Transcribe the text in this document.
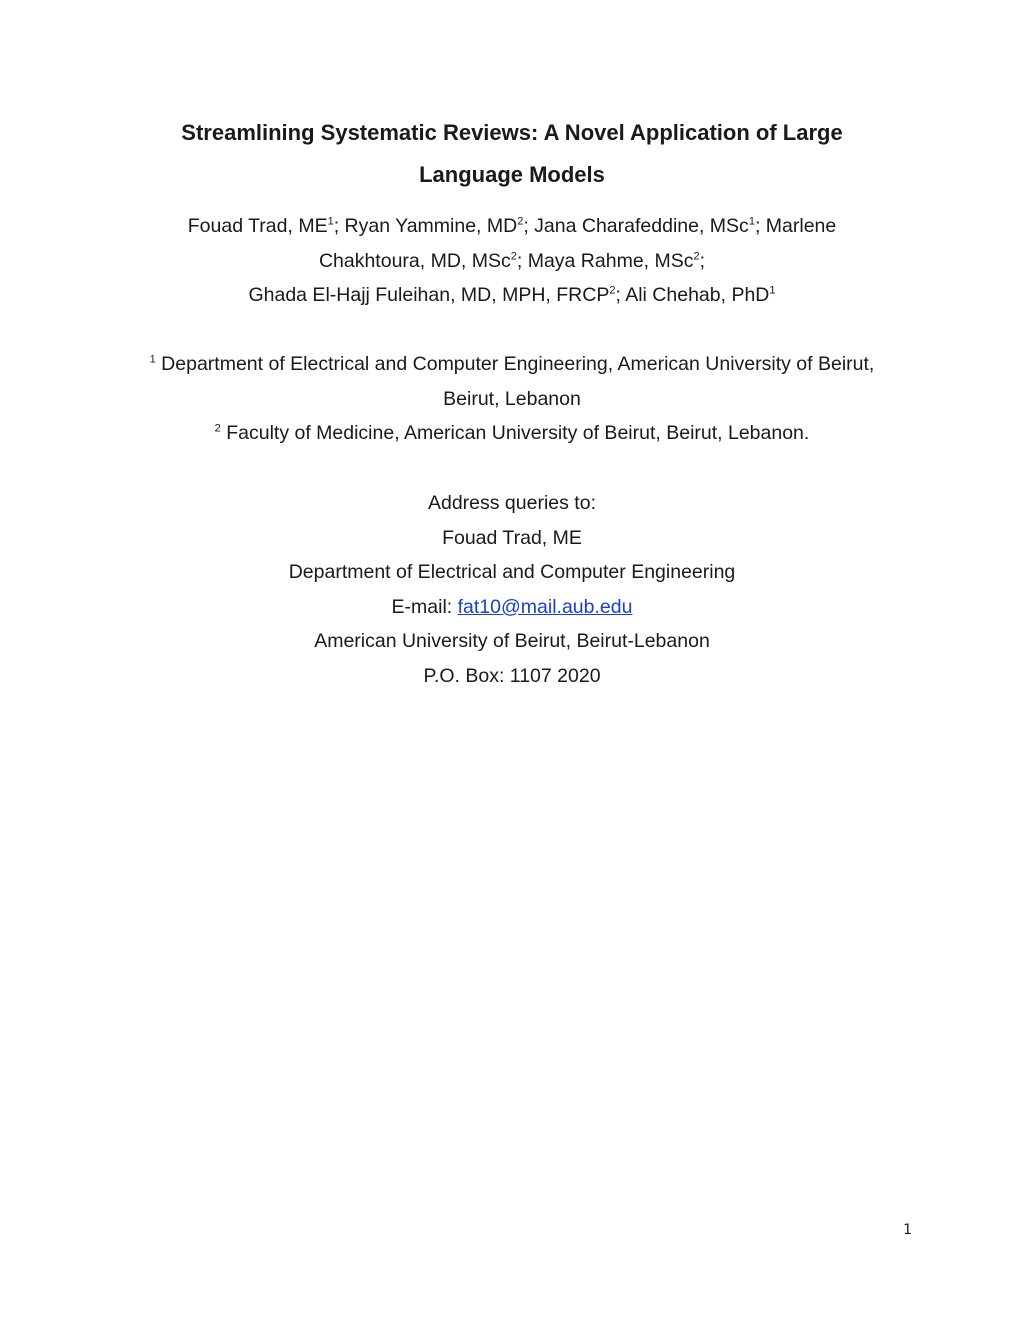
Streamlining Systematic Reviews: A Novel Application of Large
Language Models
Fouad Trad, $ME^1$; Ryan Yammine, $MD^2$; Jana Charafeddine, MSc$^1$; Marlene
Chakhtoura, MD, MSc$^2$; Maya Rahme, MSc$^2$;
Ghada El-Hajj Fuleihan, MD, MPH, FRCP$^2$; Ali Chehab, PhD$^1$
$^1$ Department of Electrical and Computer Engineering, American University of Beirut,
Beirut, Lebanon
$^2$ Faculty of Medicine, American University of Beirut, Beirut, Lebanon.
Address queries to:
Fouad Trad, ME
Department of Electrical and Computer Engineering
E-mail: fat10@mail.aub.edu
American University of Beirut, Beirut-Lebanon
P.O. Box: 1107 2020
1
